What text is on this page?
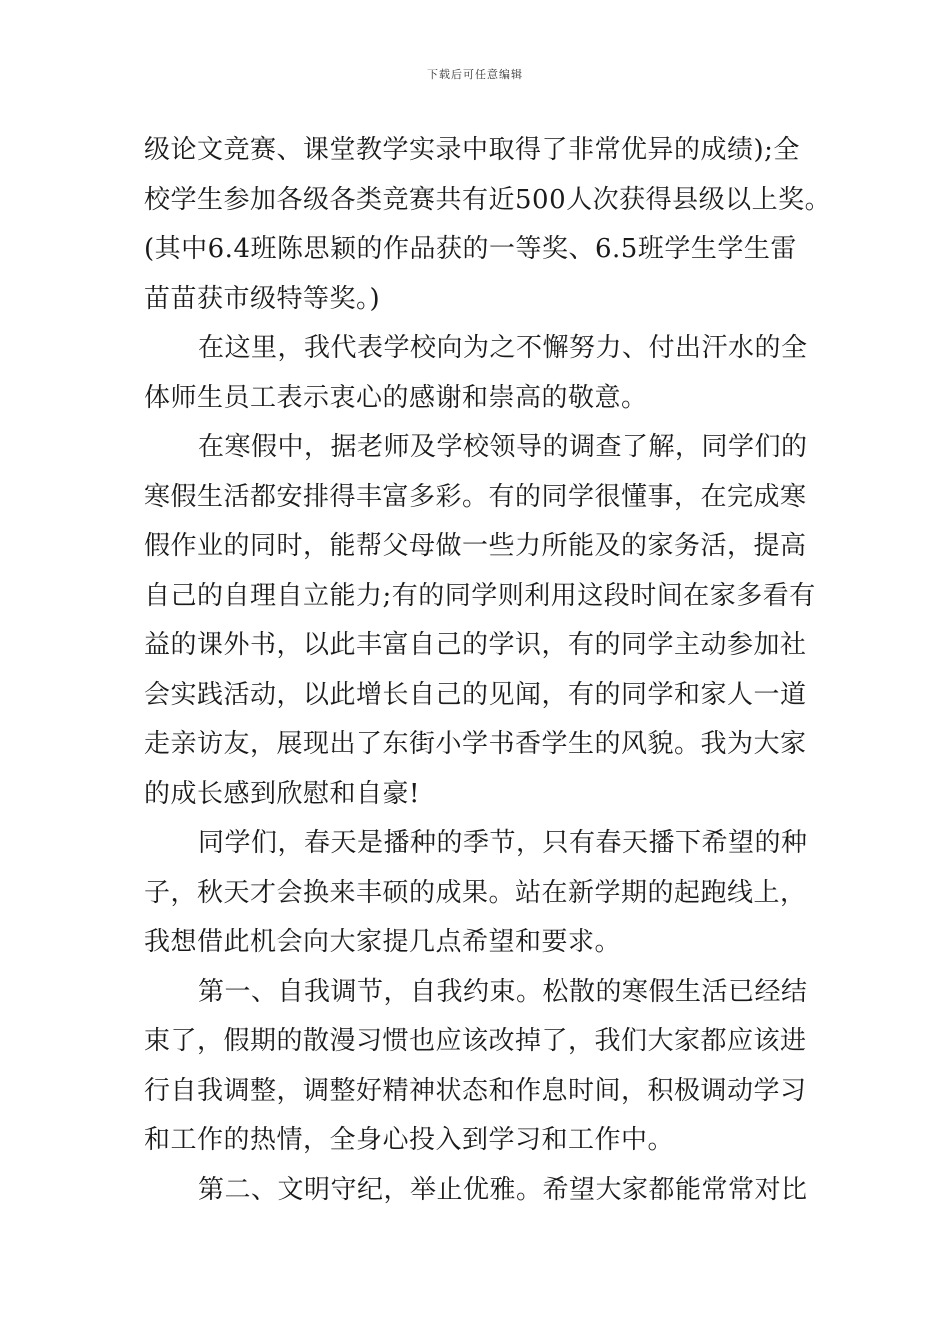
下载后可任意编辑
级论文竞赛、课堂教学实录中取得了非常优异的成绩);全
校学生参加各级各类竞赛共有近500人次获得县级以上奖。
(其中6.4班陈思颖的作品获的一等奖、6.5班学生学生雷
苗苗获市级特等奖。)
在这里，我代表学校向为之不懈努力、付出汗水的全
体师生员工表示衷心的感谢和崇高的敬意。
在寒假中，据老师及学校领导的调查了解，同学们的
寒假生活都安排得丰富多彩。有的同学很懂事，在完成寒
假作业的同时，能帮父母做一些力所能及的家务活，提高
自己的自理自立能力;有的同学则利用这段时间在家多看有
益的课外书，以此丰富自己的学识，有的同学主动参加社
会实践活动，以此增长自己的见闻，有的同学和家人一道
走亲访友，展现出了东街小学书香学生的风貌。我为大家
的成长感到欣慰和自豪!
同学们，春天是播种的季节，只有春天播下希望的种
子，秋天才会换来丰硕的成果。站在新学期的起跑线上，
我想借此机会向大家提几点希望和要求。
第一、自我调节，自我约束。松散的寒假生活已经结
束了，假期的散漫习惯也应该改掉了，我们大家都应该进
行自我调整，调整好精神状态和作息时间，积极调动学习
和工作的热情，全身心投入到学习和工作中。
第二、文明守纪，举止优雅。希望大家都能常常对比
